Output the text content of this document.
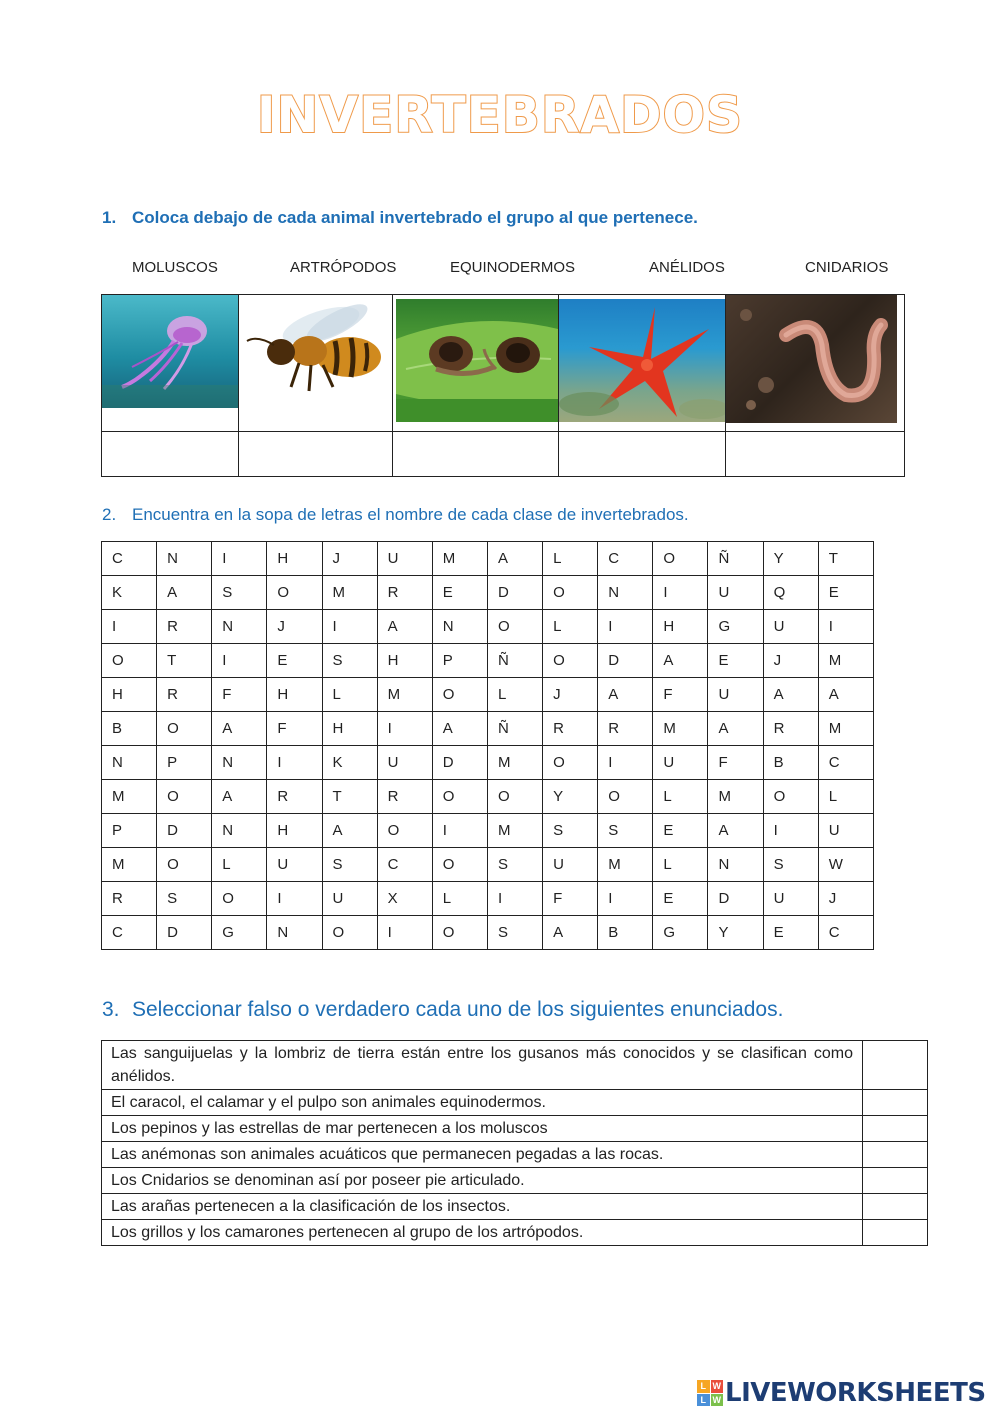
INVERTEBRADOS
1. Coloca debajo de cada animal invertebrado el grupo al que pertenece.
MOLUSCOS	ARTRÓPODOS	EQUINODERMOS	ANÉLIDOS	CNIDARIOS

2. Encuentra en la sopa de letras el nombre de cada clase de invertebrados.
C	N	I	H	J	U	M	A	L	C	O	Ñ	Y	T
K	A	S	O	M	R	E	D	O	N	I	U	Q	E
I	R	N	J	I	A	N	O	L	I	H	G	U	I
O	T	I	E	S	H	P	Ñ	O	D	A	E	J	M
H	R	F	H	L	M	O	L	J	A	F	U	A	A
B	O	A	F	H	I	A	Ñ	R	R	M	A	R	M
N	P	N	I	K	U	D	M	O	I	U	F	B	C
M	O	A	R	T	R	O	O	Y	O	L	M	O	L
P	D	N	H	A	O	I	M	S	S	E	A	I	U
M	O	L	U	S	C	O	S	U	M	L	N	S	W
R	S	O	I	U	X	L	I	F	I	E	D	U	J
C	D	G	N	O	I	O	S	A	B	G	Y	E	C
3. Seleccionar falso o verdadero cada uno de los siguientes enunciados.
Las sanguijuelas y la lombriz de tierra están entre los gusanos más conocidos y se clasifican como anélidos.	
El caracol, el calamar y el pulpo son animales equinodermos.	
Los pepinos y las estrellas de mar pertenecen a los moluscos	
Las anémonas son animales acuáticos que permanecen pegadas a las rocas.	
Los Cnidarios se denominan así por poseer pie articulado.	
Las arañas pertenecen a la clasificación de los insectos.	
Los grillos y los camarones pertenecen al grupo de los artrópodos.	
L W
L W LIVEWORKSHEETS
